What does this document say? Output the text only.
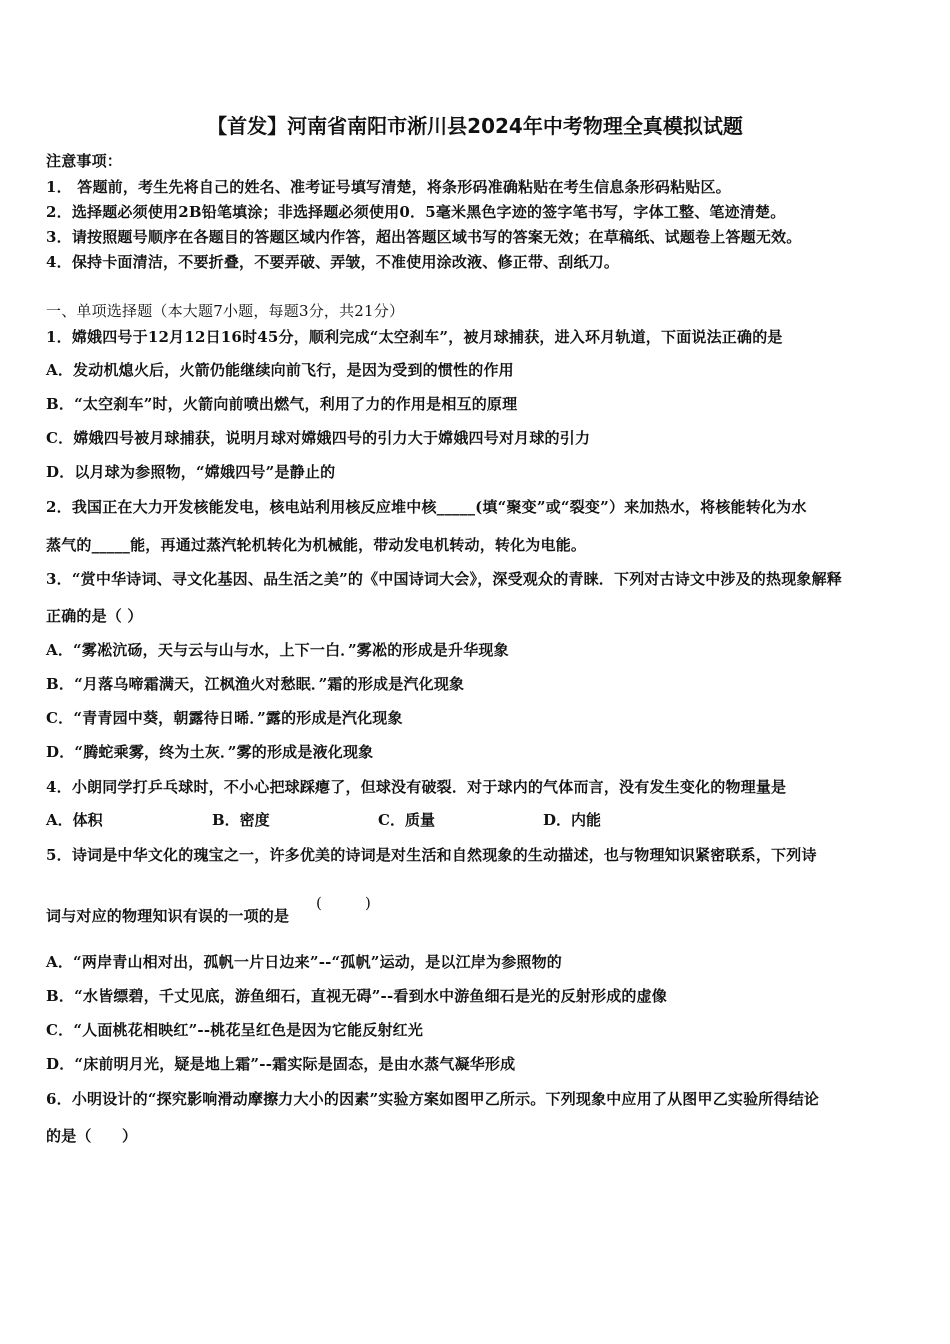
【首发】河南省南阳市淅川县2024年中考物理全真模拟试题
注意事项：
1． 答题前，考生先将自己的姓名、准考证号填写清楚，将条形码准确粘贴在考生信息条形码粘贴区。
2．选择题必须使用2B铅笔填涂；非选择题必须使用0．5毫米黑色字迹的签字笔书写，字体工整、笔迹清楚。
3．请按照题号顺序在各题目的答题区域内作答，超出答题区域书写的答案无效；在草稿纸、试题卷上答题无效。
4．保持卡面清洁，不要折叠，不要弄破、弄皱，不准使用涂改液、修正带、刮纸刀。
一、单项选择题（本大题7小题，每题3分，共21分）
1．嫦娥四号于12月12日16时45分，顺利完成“太空刹车”，被月球捕获，进入环月轨道，下面说法正确的是
A．发动机熄火后，火箭仍能继续向前飞行，是因为受到的惯性的作用
B．“太空刹车”时，火箭向前喷出燃气，利用了力的作用是相互的原理
C．嫦娥四号被月球捕获，说明月球对嫦娥四号的引力大于嫦娥四号对月球的引力
D．以月球为参照物，“嫦娥四号”是静止的
2．我国正在大力开发核能发电，核电站利用核反应堆中核_____(填“聚变”或“裂变”）来加热水，将核能转化为水
蒸气的_____能，再通过蒸汽轮机转化为机械能，带动发电机转动，转化为电能。
3．“赏中华诗词、寻文化基因、品生活之美”的《中国诗词大会》，深受观众的青睐．下列对古诗文中涉及的热现象解释
正确的是（ ）
A．“雾凇沆砀，天与云与山与水，上下一白．”雾凇的形成是升华现象
B．“月落乌啼霜满天，江枫渔火对愁眠．”霜的形成是汽化现象
C．“青青园中葵，朝露待日晞．”露的形成是汽化现象
D．“腾蛇乘雾，终为土灰．”雾的形成是液化现象
4．小朗同学打乒乓球时，不小心把球踩瘪了，但球没有破裂．对于球内的气体而言，没有发生变化的物理量是
A．体积	B．密度	C．质量	D．内能
5．诗词是中华文化的瑰宝之一，许多优美的诗词是对生活和自然现象的生动描述，也与物理知识紧密联系，下列诗
词与对应的物理知识有误的一项的是
(	)
A．“两岸青山相对出，孤帆一片日边来”--“孤帆”运动，是以江岸为参照物的
B．“水皆缥碧，千丈见底，游鱼细石，直视无碍”--看到水中游鱼细石是光的反射形成的虚像
C．“人面桃花相映红”--桃花呈红色是因为它能反射红光
D．“床前明月光，疑是地上霜”--霜实际是固态，是由水蒸气凝华形成
6．小明设计的“探究影响滑动摩擦力大小的因素”实验方案如图甲乙所示。下列现象中应用了从图甲乙实验所得结论
的是（　　）
